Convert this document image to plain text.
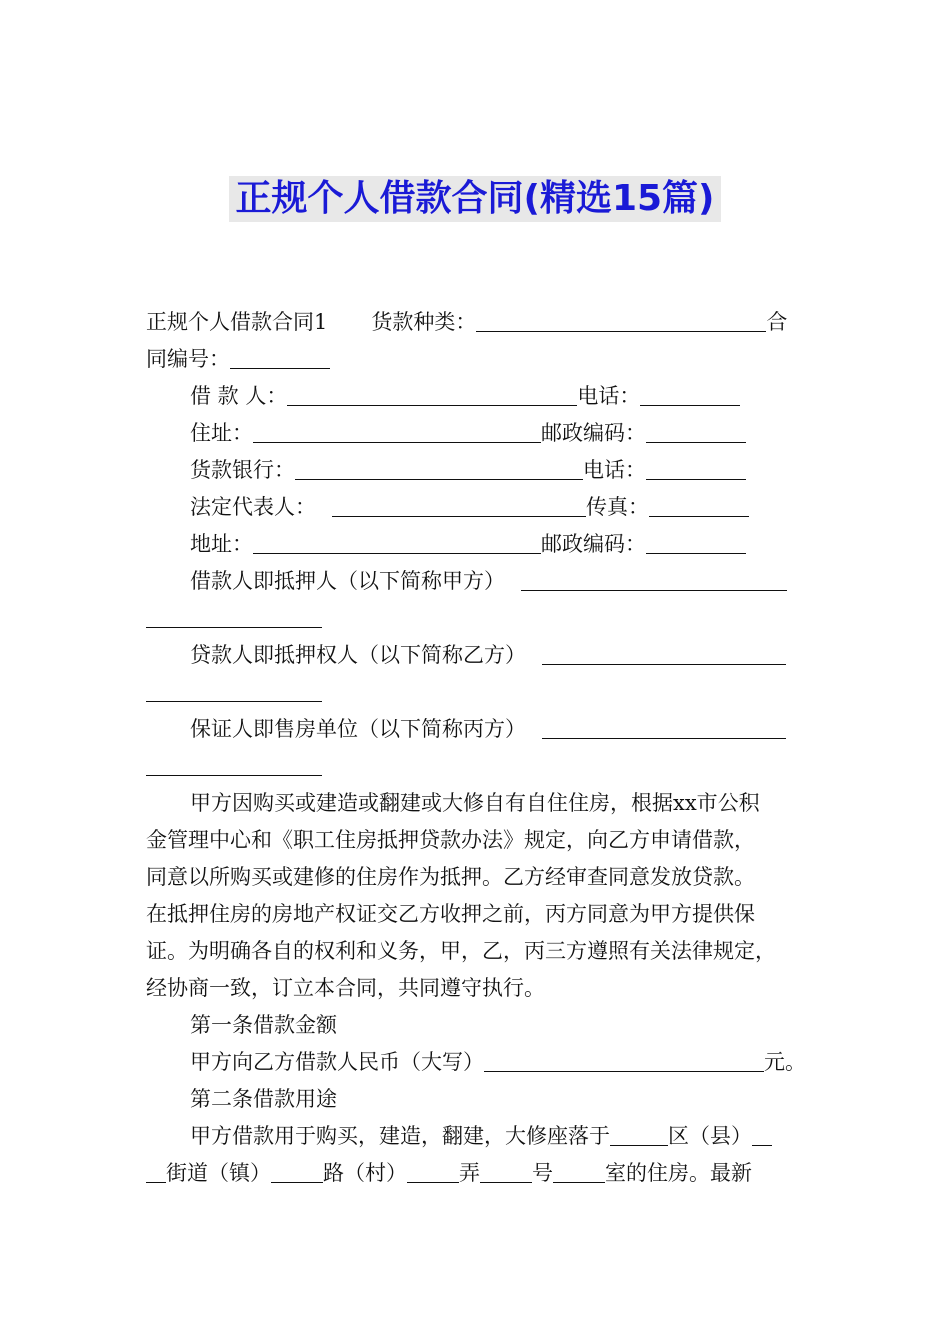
正规个人借款合同(精选15篇)
正规个人借款合同1 货款种类：	合
同编号：
借 款 人：	电话：
住址：	邮政编码：
货款银行：	电话：
法定代表人：	传真：
地址：	邮政编码：
借款人即抵押人（以下简称甲方）
贷款人即抵押权人（以下简称乙方）
保证人即售房单位（以下简称丙方）
甲方因购买或建造或翻建或大修自有自住住房，根据xx市公积
金管理中心和《职工住房抵押贷款办法》规定，向乙方申请借款，
同意以所购买或建修的住房作为抵押。乙方经审查同意发放贷款。
在抵押住房的房地产权证交乙方收押之前，丙方同意为甲方提供保
证。为明确各自的权利和义务，甲，乙，丙三方遵照有关法律规定，
经协商一致，订立本合同，共同遵守执行。
第一条借款金额
甲方向乙方借款人民币（大写）	元。
第二条借款用途
甲方借款用于购买，建造，翻建，大修座落于	区（县）
街道（镇） 路（村） 弄 号 室的住房。最新
